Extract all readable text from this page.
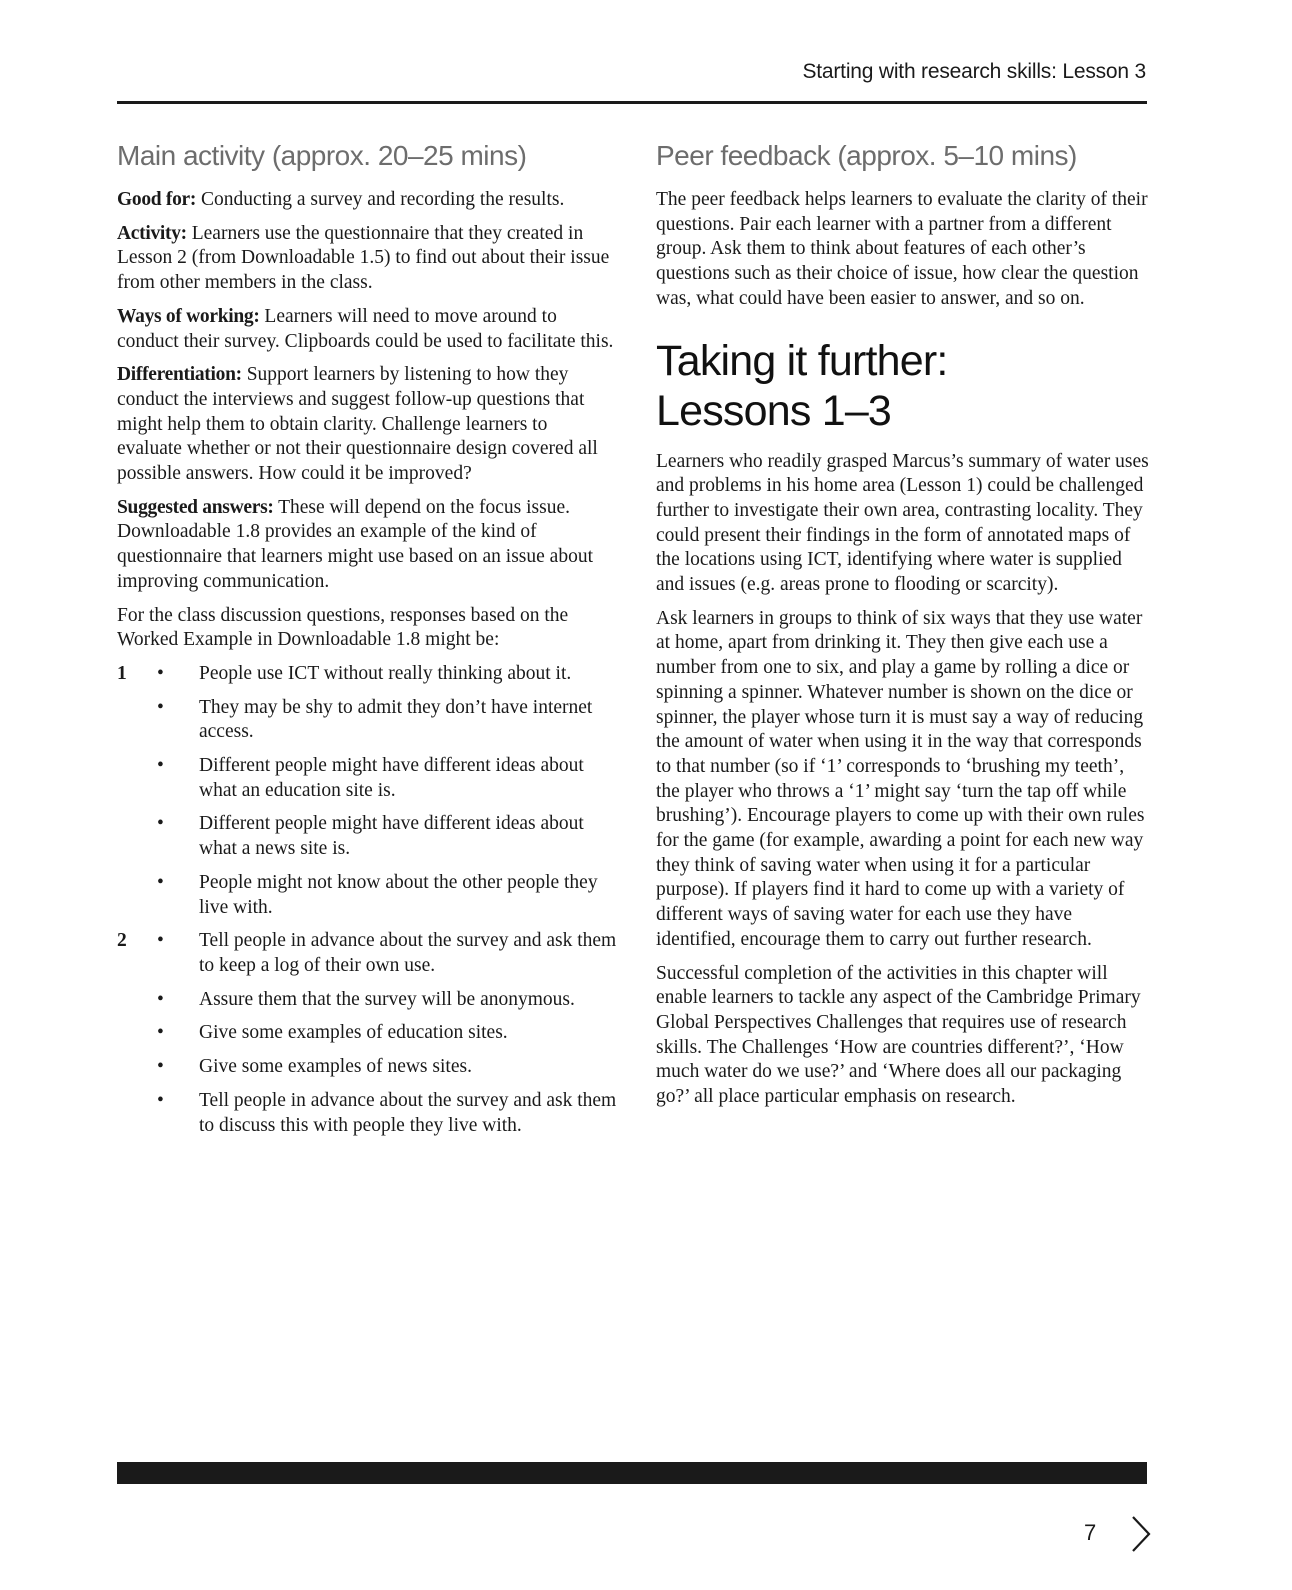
Starting with research skills: Lesson 3
Main activity (approx. 20–25 mins)

Good for: Conducting a survey and recording the results.

Activity: Learners use the questionnaire that they created in Lesson 2 (from Downloadable 1.5) to find out about their issue from other members in the class.

Ways of working: Learners will need to move around to conduct their survey. Clipboards could be used to facilitate this.

Differentiation: Support learners by listening to how they conduct the interviews and suggest follow-up questions that might help them to obtain clarity. Challenge learners to evaluate whether or not their questionnaire design covered all possible answers. How could it be improved?

Suggested answers: These will depend on the focus issue. Downloadable 1.8 provides an example of the kind of questionnaire that learners might use based on an issue about improving communication.

For the class discussion questions, responses based on the Worked Example in Downloadable 1.8 might be:

1 • People use ICT without really thinking about it.
• They may be shy to admit they don’t have internet access.
• Different people might have different ideas about what an education site is.
• Different people might have different ideas about what a news site is.
• People might not know about the other people they live with.
2 • Tell people in advance about the survey and ask them to keep a log of their own use.
• Assure them that the survey will be anonymous.
• Give some examples of education sites.
• Give some examples of news sites.
• Tell people in advance about the survey and ask them to discuss this with people they live with.
Peer feedback (approx. 5–10 mins)

The peer feedback helps learners to evaluate the clarity of their questions. Pair each learner with a partner from a different group. Ask them to think about features of each other’s questions such as their choice of issue, how clear the question was, what could have been easier to answer, and so on.

Taking it further:
Lessons 1–3

Learners who readily grasped Marcus’s summary of water uses and problems in his home area (Lesson 1) could be challenged further to investigate their own area, contrasting locality. They could present their findings in the form of annotated maps of the locations using ICT, identifying where water is supplied and issues (e.g. areas prone to flooding or scarcity).

Ask learners in groups to think of six ways that they use water at home, apart from drinking it. They then give each use a number from one to six, and play a game by rolling a dice or spinning a spinner. Whatever number is shown on the dice or spinner, the player whose turn it is must say a way of reducing the amount of water when using it in the way that corresponds to that number (so if ‘1’ corresponds to ‘brushing my teeth’, the player who throws a ‘1’ might say ‘turn the tap off while brushing’). Encourage players to come up with their own rules for the game (for example, awarding a point for each new way they think of saving water when using it for a particular purpose). If players find it hard to come up with a variety of different ways of saving water for each use they have identified, encourage them to carry out further research.

Successful completion of the activities in this chapter will enable learners to tackle any aspect of the Cambridge Primary Global Perspectives Challenges that requires use of research skills. The Challenges ‘How are countries different?’, ‘How much water do we use?’ and ‘Where does all our packaging go?’ all place particular emphasis on research.

7
